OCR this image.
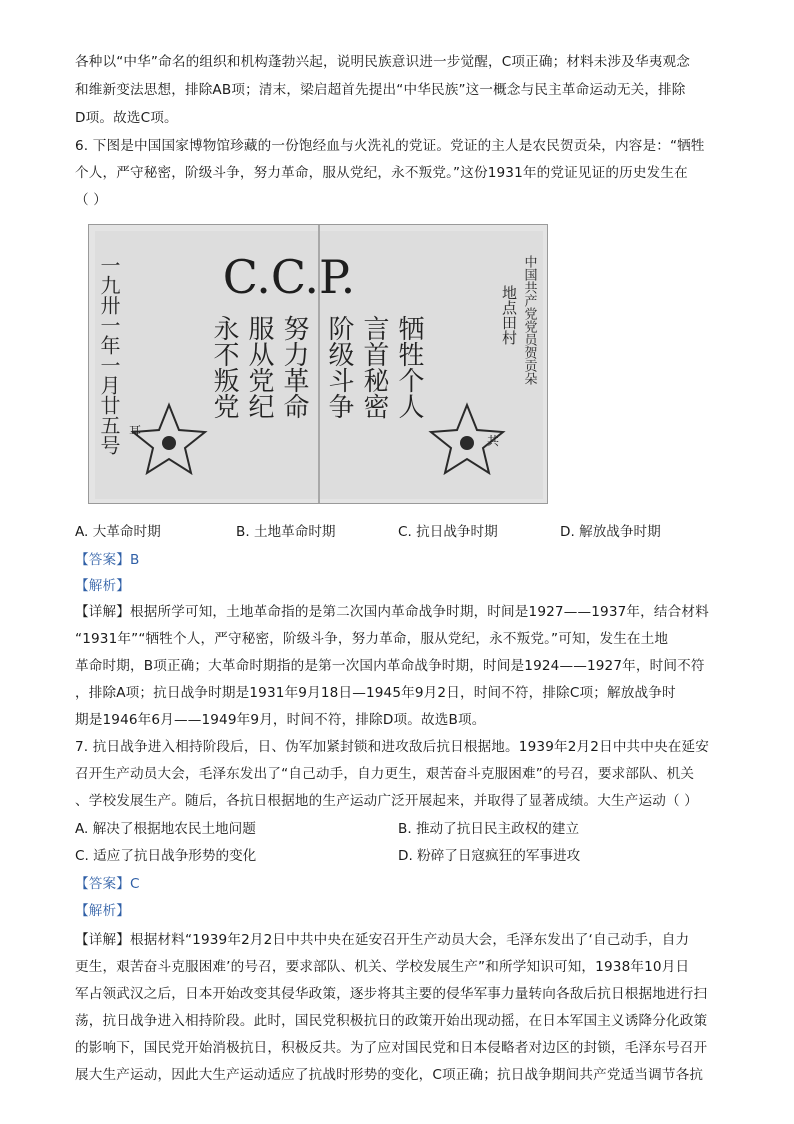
各种以“中华”命名的组织和机构蓬勃兴起，说明民族意识进一步觉醒，C项正确；材料未涉及华夷观念
和维新变法思想，排除AB项；清末，梁启超首先提出“中华民族”这一概念与民主革命运动无关，排除
D项。故选C项。
6. 下图是中国国家博物馆珍藏的一份饱经血与火洗礼的党证。党证的主人是农民贺贡朵，内容是：“牺牲
个人，严守秘密，阶级斗争，努力革命，服从党纪，永不叛党。”这份1931年的党证见证的历史发生在
（ ）
C.C.P.
一九卅一年一月廿五号	牺牲个人
言首秘密
阶级斗争
努力革命
服从党纪
永不叛党	中国共产党党员贺贡朵
地点田村
耳
共
A. 大革命时期	B. 土地革命时期	C. 抗日战争时期	D. 解放战争时期
【答案】B
【解析】
【详解】根据所学可知，土地革命指的是第二次国内革命战争时期，时间是1927——1937年，结合材料
“1931年”“牺牲个人，严守秘密，阶级斗争，努力革命，服从党纪，永不叛党。”可知，发生在土地
革命时期，B项正确；大革命时期指的是第一次国内革命战争时期，时间是1924——1927年，时间不符
，排除A项；抗日战争时期是1931年9月18日—1945年9月2日，时间不符，排除C项；解放战争时
期是1946年6月——1949年9月，时间不符，排除D项。故选B项。
7. 抗日战争进入相持阶段后，日、伪军加紧封锁和进攻敌后抗日根据地。1939年2月2日中共中央在延安
召开生产动员大会，毛泽东发出了“自己动手，自力更生，艰苦奋斗克服困难”的号召，要求部队、机关
、学校发展生产。随后，各抗日根据地的生产运动广泛开展起来，并取得了显著成绩。大生产运动（ ）
A. 解决了根据地农民土地问题	B. 推动了抗日民主政权的建立
C. 适应了抗日战争形势的变化	D. 粉碎了日寇疯狂的军事进攻
【答案】C
【解析】
【详解】根据材料“1939年2月2日中共中央在延安召开生产动员大会，毛泽东发出了‘自己动手，自力
更生，艰苦奋斗克服困难’的号召，要求部队、机关、学校发展生产”和所学知识可知，1938年10月日
军占领武汉之后，日本开始改变其侵华政策，逐步将其主要的侵华军事力量转向各敌后抗日根据地进行扫
荡，抗日战争进入相持阶段。此时，国民党积极抗日的政策开始出现动摇，在日本军国主义诱降分化政策
的影响下，国民党开始消极抗日，积极反共。为了应对国民党和日本侵略者对边区的封锁，毛泽东号召开
展大生产运动，因此大生产运动适应了抗战时形势的变化，C项正确；抗日战争期间共产党适当调节各抗
